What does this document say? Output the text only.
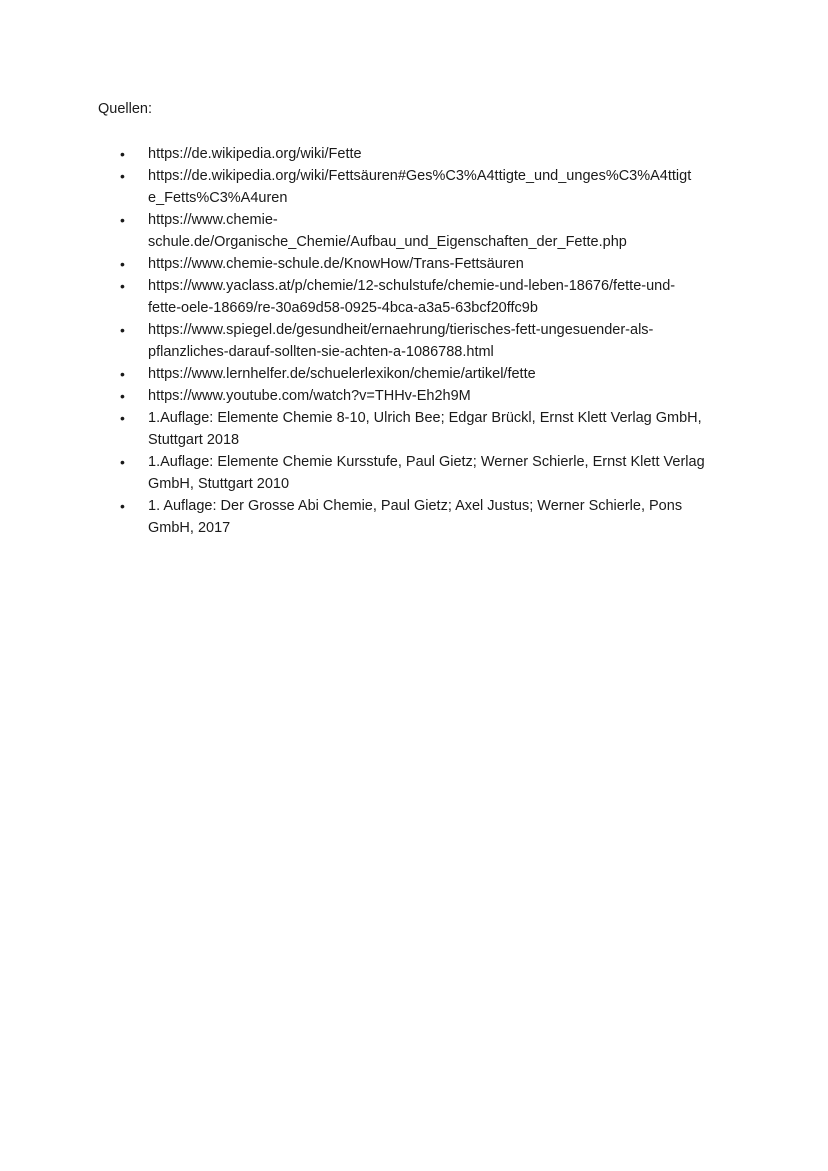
Quellen:

• https://de.wikipedia.org/wiki/Fette
• https://de.wikipedia.org/wiki/Fettsäuren#Ges%C3%A4ttigte_und_unges%C3%A4ttigt
e_Fetts%C3%A4uren
• https://www.chemie-
schule.de/Organische_Chemie/Aufbau_und_Eigenschaften_der_Fette.php
• https://www.chemie-schule.de/KnowHow/Trans-Fettsäuren
• https://www.yaclass.at/p/chemie/12-schulstufe/chemie-und-leben-18676/fette-und-
fette-oele-18669/re-30a69d58-0925-4bca-a3a5-63bcf20ffc9b
• https://www.spiegel.de/gesundheit/ernaehrung/tierisches-fett-ungesuender-als-
pflanzliches-darauf-sollten-sie-achten-a-1086788.html
• https://www.lernhelfer.de/schuelerlexikon/chemie/artikel/fette
• https://www.youtube.com/watch?v=THHv-Eh2h9M
• 1.Auflage: Elemente Chemie 8-10, Ulrich Bee; Edgar Brückl, Ernst Klett Verlag GmbH,
Stuttgart 2018
• 1.Auflage: Elemente Chemie Kursstufe, Paul Gietz; Werner Schierle, Ernst Klett Verlag
GmbH, Stuttgart 2010
• 1. Auflage: Der Grosse Abi Chemie, Paul Gietz; Axel Justus; Werner Schierle, Pons
GmbH, 2017
